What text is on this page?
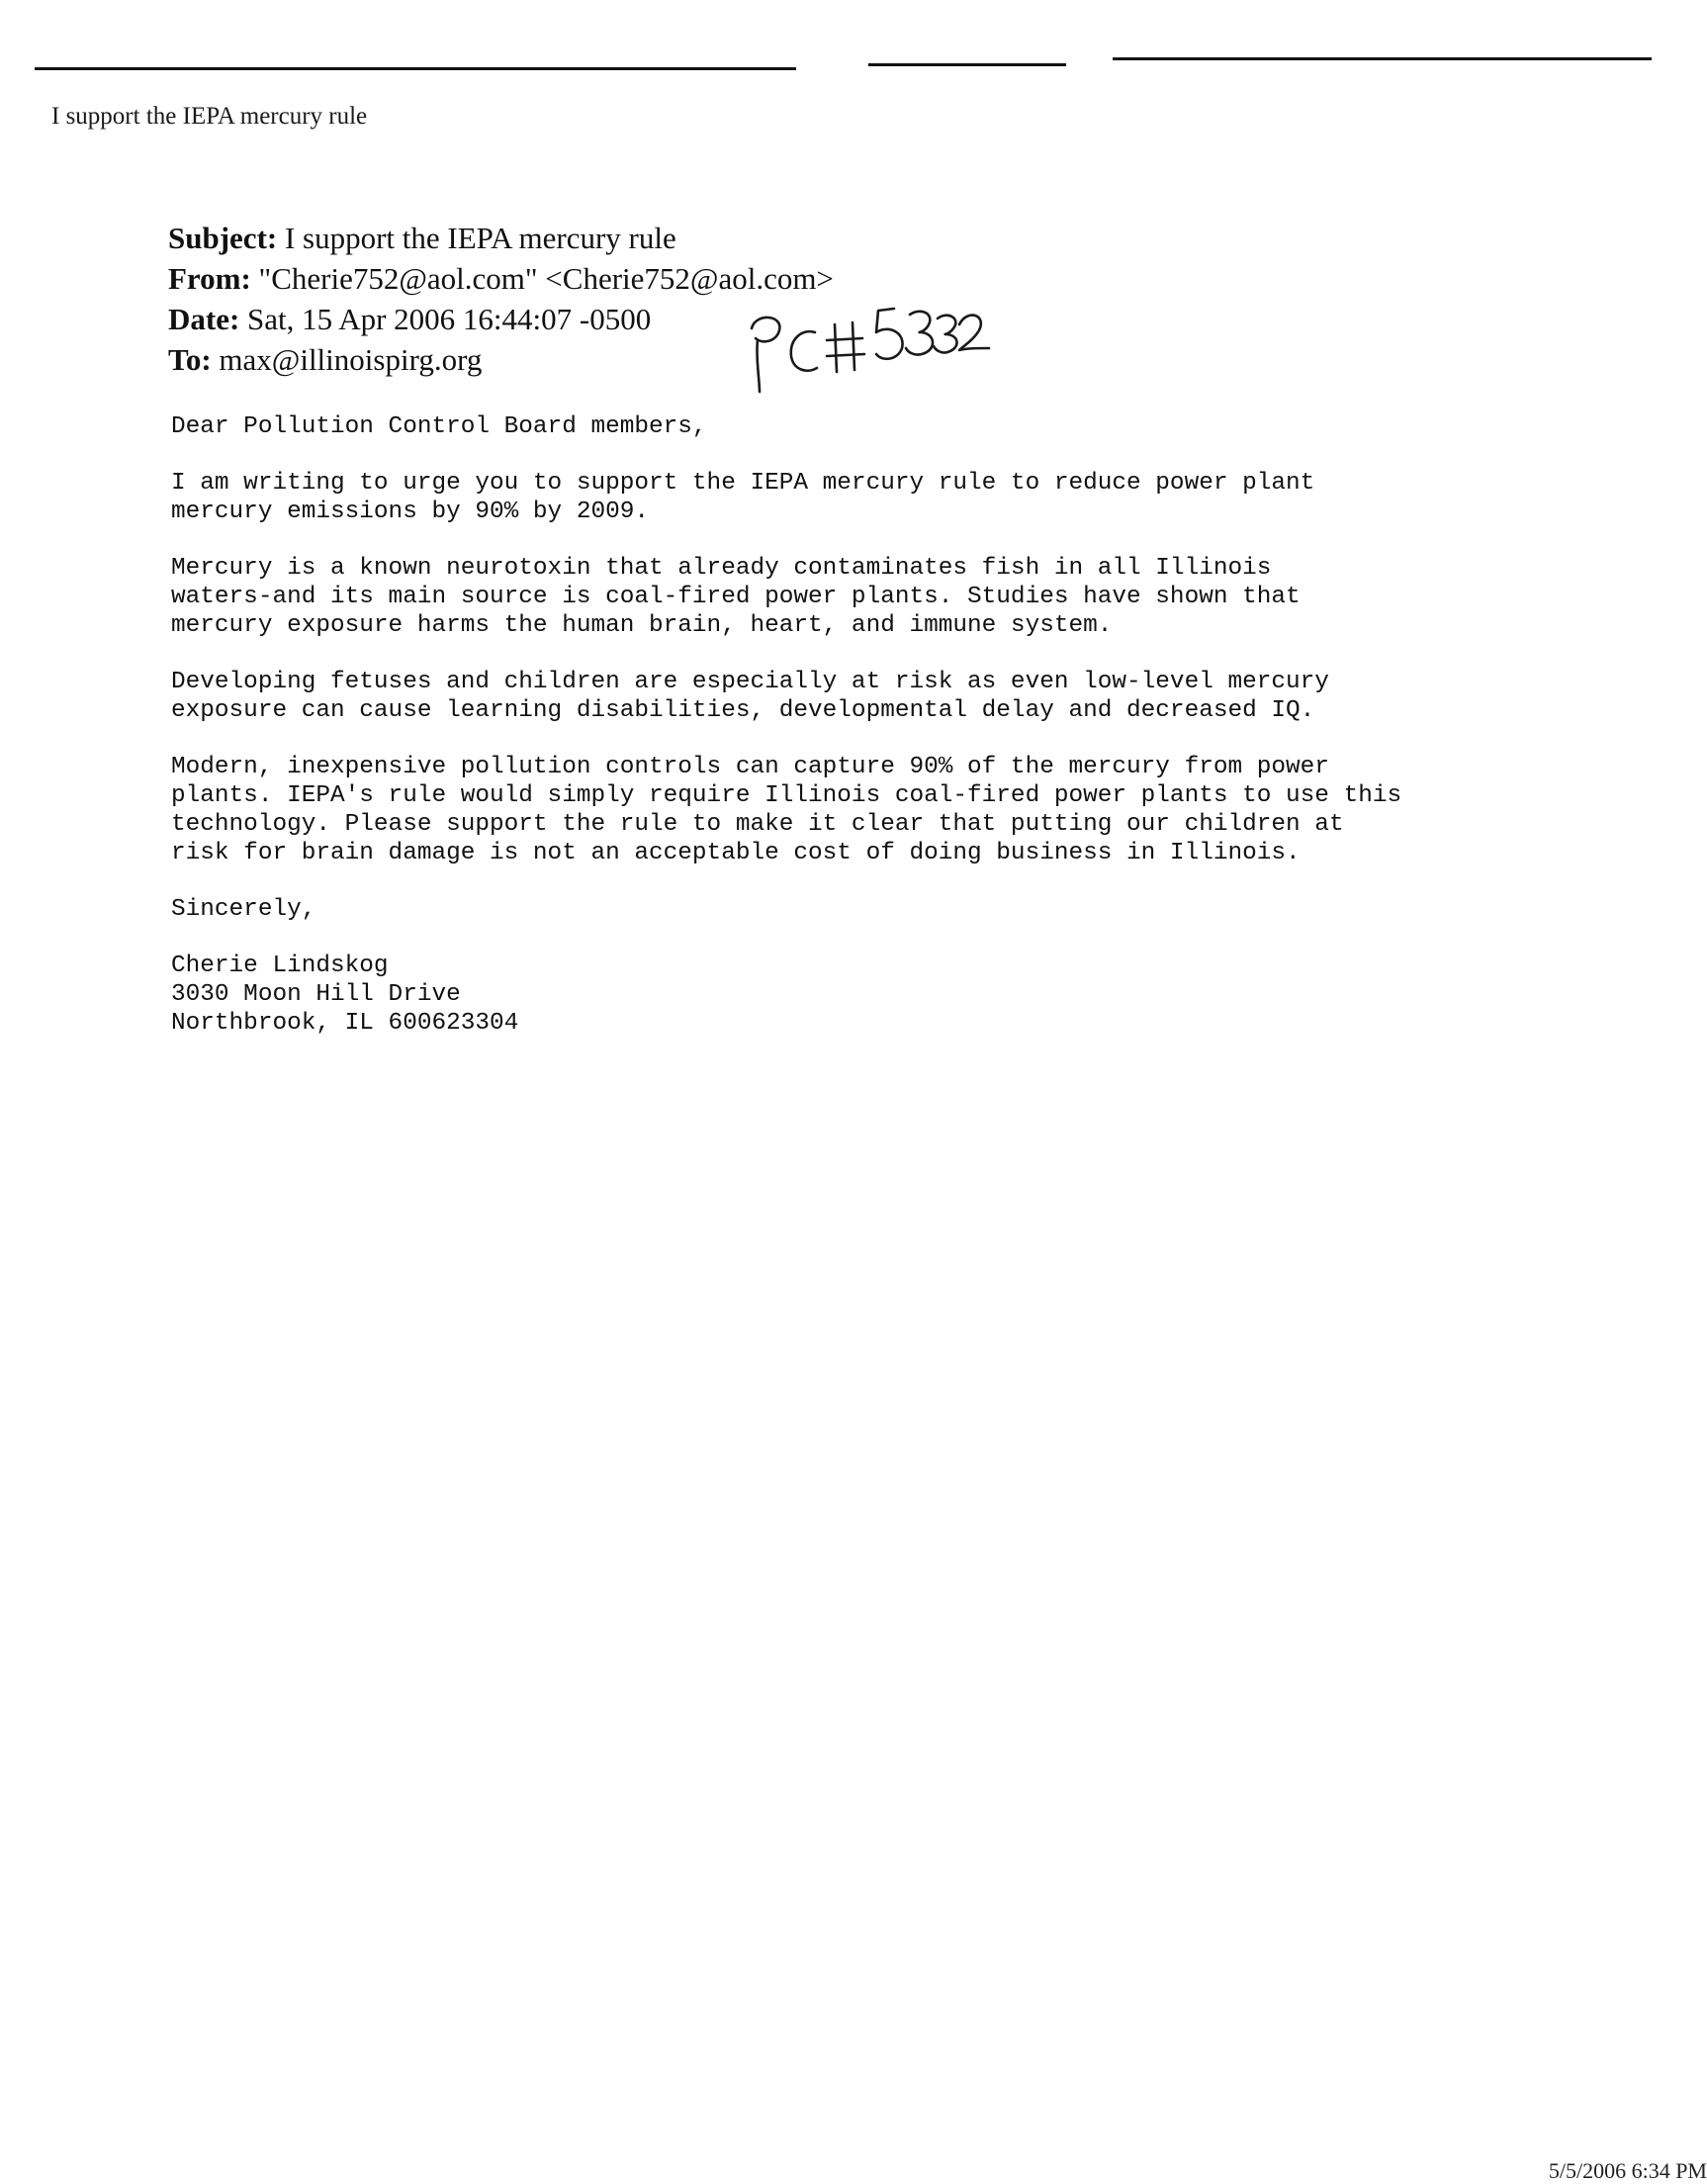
I support the IEPA mercury rule
Subject: I support the IEPA mercury rule
From: "Cherie752@aol.com" <Cherie752@aol.com>
Date: Sat, 15 Apr 2006 16:44:07 -0500
To: max@illinoispirg.org
Dear Pollution Control Board members,
I am writing to urge you to support the IEPA mercury rule to reduce power plant
mercury emissions by 90% by 2009.
Mercury is a known neurotoxin that already contaminates fish in all Illinois
waters-and its main source is coal-fired power plants. Studies have shown that
mercury exposure harms the human brain, heart, and immune system.
Developing fetuses and children are especially at risk as even low-level mercury
exposure can cause learning disabilities, developmental delay and decreased IQ.
Modern, inexpensive pollution controls can capture 90% of the mercury from power
plants. IEPA's rule would simply require Illinois coal-fired power plants to use this
technology. Please support the rule to make it clear that putting our children at
risk for brain damage is not an acceptable cost of doing business in Illinois.
Sincerely,
Cherie Lindskog
3030 Moon Hill Drive
Northbrook, IL 600623304
5/5/2006 6:34 PM
